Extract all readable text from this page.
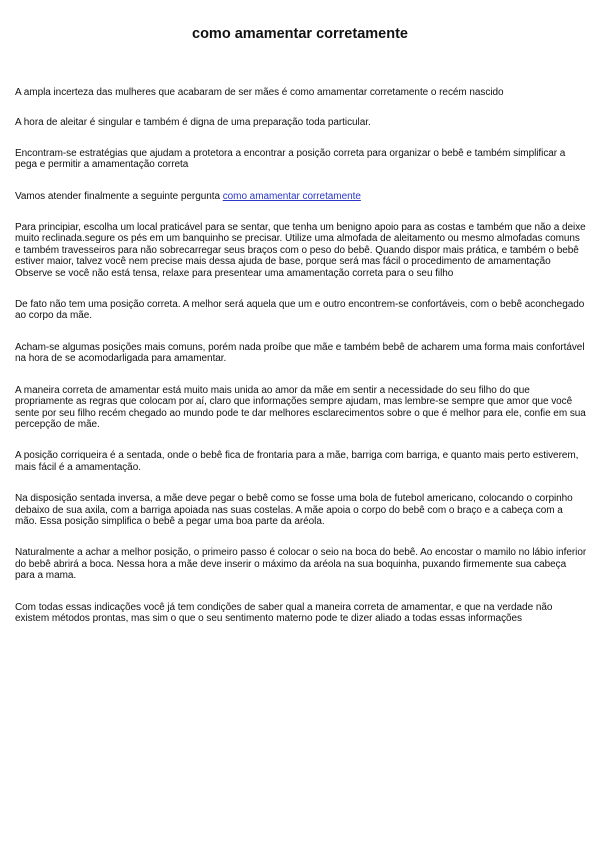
como amamentar corretamente

A ampla incerteza das mulheres que acabaram de ser mães é como amamentar corretamente o recém nascido

A hora de aleitar é singular e também é digna de uma preparação toda particular.

Encontram-se estratégias que ajudam a protetora a encontrar a posição correta para organizar o bebê e também simplificar a pega e permitir a amamentação correta

Vamos atender finalmente a seguinte pergunta como amamentar corretamente

Para principiar, escolha um local praticável para se sentar, que tenha um benigno apoio para as costas e também que não a deixe muito reclinada.segure os pés em um banquinho se precisar. Utilize uma almofada de aleitamento ou mesmo almofadas comuns e também travesseiros para não sobrecarregar seus braços com o peso do bebê. Quando dispor mais prática, e também o bebê estiver maior, talvez você nem precise mais dessa ajuda de base, porque será mas fácil o procedimento de amamentação Observe se você não está tensa, relaxe para presentear uma amamentação correta para o seu filho

De fato não tem uma posição correta. A melhor será aquela que um e outro encontrem-se confortáveis, com o bebê aconchegado ao corpo da mãe.

Acham-se algumas posições mais comuns, porém nada proíbe que mãe e também bebê de acharem uma forma mais confortável na hora de se acomodarligada para amamentar.

A maneira correta de amamentar está muito mais unida ao amor da mãe em sentir a necessidade do seu filho do que propriamente as regras que colocam por aí, claro que informações sempre ajudam, mas lembre-se sempre que amor que você sente por seu filho recém chegado ao mundo pode te dar melhores esclarecimentos sobre o que é melhor para ele, confie em sua percepção de mãe.

A posição corriqueira é a sentada, onde o bebê fica de frontaria para a mãe, barriga com barriga, e quanto mais perto estiverem, mais fácil é a amamentação.

Na disposição sentada inversa, a mãe deve pegar o bebê como se fosse uma bola de futebol americano, colocando o corpinho debaixo de sua axila, com a barriga apoiada nas suas costelas. A mãe apoia o corpo do bebê com o braço e a cabeça com a mão. Essa posição simplifica o bebê a pegar uma boa parte da aréola.

Naturalmente a achar a melhor posição, o primeiro passo é colocar o seio na boca do bebê. Ao encostar o mamilo no lábio inferior do bebê abrirá a boca. Nessa hora a mãe deve inserir o máximo da aréola na sua boquinha, puxando firmemente sua cabeça para a mama.

Com todas essas indicações você já tem condições de saber qual a maneira correta de amamentar, e que na verdade não existem métodos prontas, mas sim o que o seu sentimento materno pode te dizer aliado a todas essas informações
